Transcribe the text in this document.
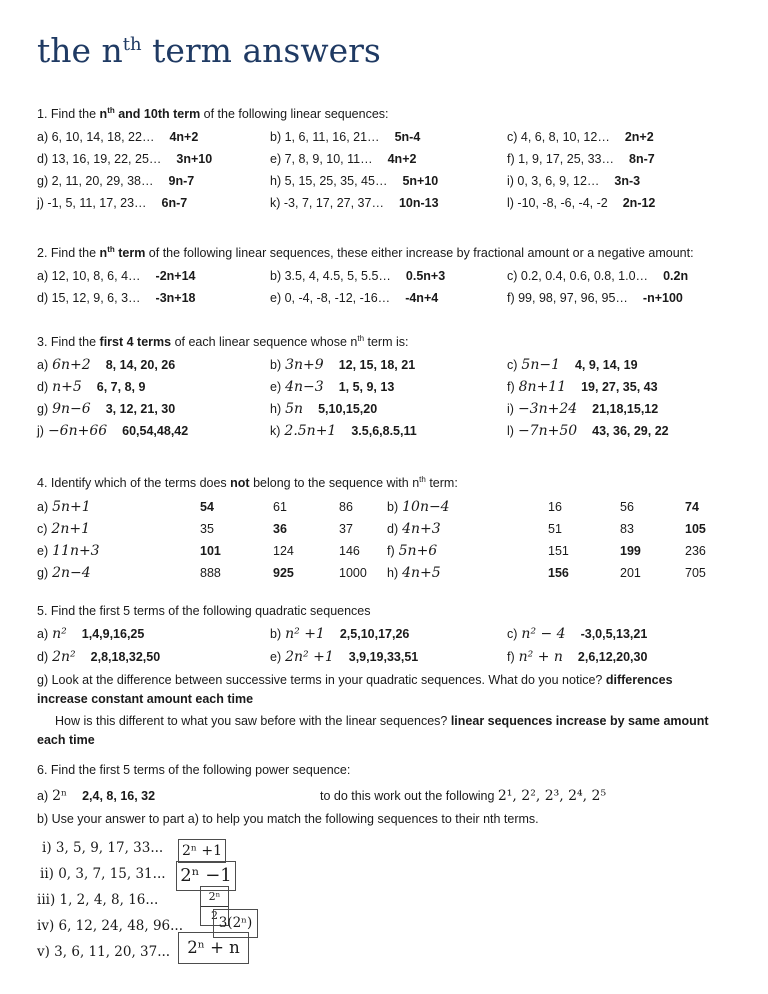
the $n^{th}$ term answers

1. Find the $n^{th}$ and 10th term of the following linear sequences:

a) 6, 10, 14, 18, 22… 4n+2	b) 1, 6, 11, 16, 21… 5n-4	c) 4, 6, 8, 10, 12… 2n+2
d) 13, 16, 19, 22, 25… 3n+10	e) 7, 8, 9, 10, 11… 4n+2	f) 1, 9, 17, 25, 33… 8n-7
g) 2, 11, 20, 29, 38… 9n-7	h) 5, 15, 25, 35, 45… 5n+10	i) 0, 3, 6, 9, 12… 3n-3
j) -1, 5, 11, 17, 23… 6n-7	k) -3, 7, 17, 27, 37… 10n-13	l) -10, -8, -6, -4, -2 2n-12

2. Find the $n^{th}$ term of the following linear sequences, these either increase by fractional amount or a negative amount:

a) 12, 10, 8, 6, 4… -2n+14	b) 3.5, 4, 4.5, 5, 5.5… 0.5n+3	c) 0.2, 0.4, 0.6, 0.8, 1.0… 0.2n
d) 15, 12, 9, 6, 3… -3n+18	e) 0, -4, -8, -12, -16… -4n+4	f) 99, 98, 97, 96, 95… -n+100

3. Find the first 4 terms of each linear sequence whose $n^{th}$ term is:

a) 6n+2 8, 14, 20, 26	b) 3n+9 12, 15, 18, 21	c) 5n−1 4, 9, 14, 19
d) n+5 6, 7, 8, 9	e) 4n−3 1, 5, 9, 13	f) 8n+11 19, 27, 35, 43
g) 9n−6 3, 12, 21, 30	h) 5n 5,10,15,20	i) −3n+24 21,18,15,12
j) −6n+66 60,54,48,42	k) 2.5n+1 3.5,6,8.5,11	l) −7n+50 43, 36, 29, 22

4. Identify which of the terms does not belong to the sequence with $n^{th}$ term:

a) 5n+1	54	61	86	b) 10n−4	16	56	74
c) 2n+1	35	36	37	d) 4n+3	51	83	105
e) 11n+3	101	124	146	f) 5n+6	151	199	236
g) 2n−4	888	925	1000	h) 4n+5	156	201	705

5. Find the first 5 terms of the following quadratic sequences

a) n² 1,4,9,16,25	b) n² +1 2,5,10,17,26	c) n² − 4 -3,0,5,13,21
d) 2n² 2,8,18,32,50	e) 2n² +1 3,9,19,33,51	f) n² + n 2,6,12,20,30

g) Look at the difference between successive terms in your quadratic sequences. What do you notice? differences
increase constant amount each time

How is this different to what you saw before with the linear sequences? linear sequences increase by same amount
each time

6. Find the first 5 terms of the following power sequence:

a) 2ⁿ 2,4, 8, 16, 32	to do this work out the following 2¹, 2², 2³, 2⁴, 2⁵

b) Use your answer to part a) to help you match the following sequences to their nth terms.

i) 3, 5, 9, 17, 33...
ii) 0, 3, 7, 15, 31...
iii) 1, 2, 4, 8, 16...
iv) 6, 12, 24, 48, 96...
v) 3, 6, 11, 20, 37...
2ⁿ +1
2ⁿ −1
$\frac{\text{2ⁿ}}{2}$
3(2ⁿ)
2ⁿ + n
